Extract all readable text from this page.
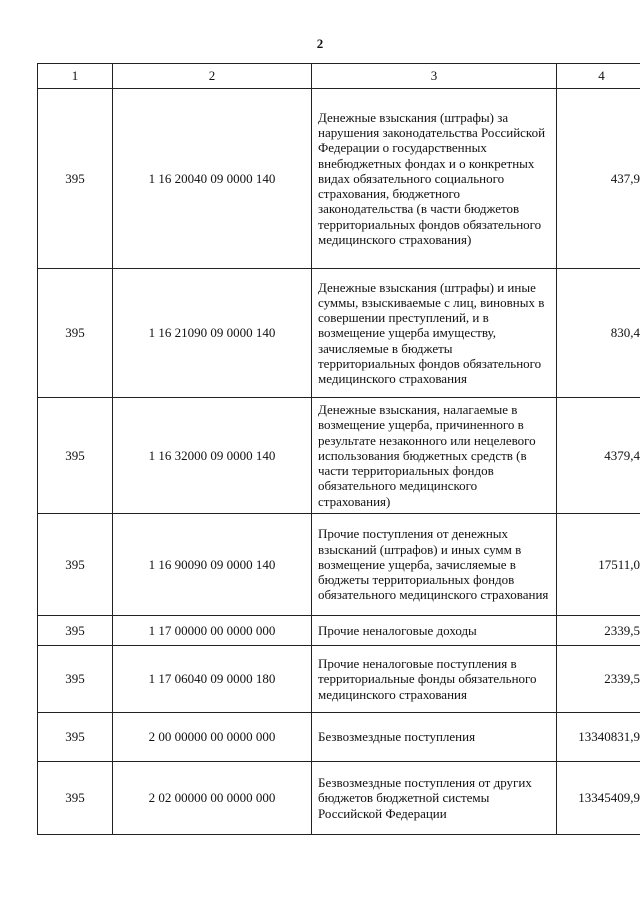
2
1	2	3	4
395	1 16 20040 09 0000 140	Денежные взыскания (штрафы) за нарушения законодательства Российской Федерации о государственных внебюджетных фондах и о конкретных видах обязательного социального страхования, бюджетного законодательства (в части бюджетов территориальных фондов обязательного медицинского страхования)	437,9
395	1 16 21090 09 0000 140	Денежные взыскания (штрафы) и иные суммы, взыскиваемые с лиц, виновных в совершении преступлений, и в возмещение ущерба имуществу, зачисляемые в бюджеты территориальных фондов обязательного медицинского страхования	830,4
395	1 16 32000 09 0000 140	Денежные взыскания, налагаемые в возмещение ущерба, причиненного в результате незаконного или нецелевого использования бюджетных средств (в части территориальных фондов обязательного медицинского страхования)	4379,4
395	1 16 90090 09 0000 140	Прочие поступления от денежных взысканий (штрафов) и иных сумм в возмещение ущерба, зачисляемые в бюджеты территориальных фондов обязательного медицинского страхования	17511,0
395	1 17 00000 00 0000 000	Прочие неналоговые доходы	2339,5
395	1 17 06040 09 0000 180	Прочие неналоговые поступления в территориальные фонды обязательного медицинского страхования	2339,5
395	2 00 00000 00 0000 000	Безвозмездные поступления	13340831,9
395	2 02 00000 00 0000 000	Безвозмездные поступления от других бюджетов бюджетной системы Российской Федерации	13345409,9
